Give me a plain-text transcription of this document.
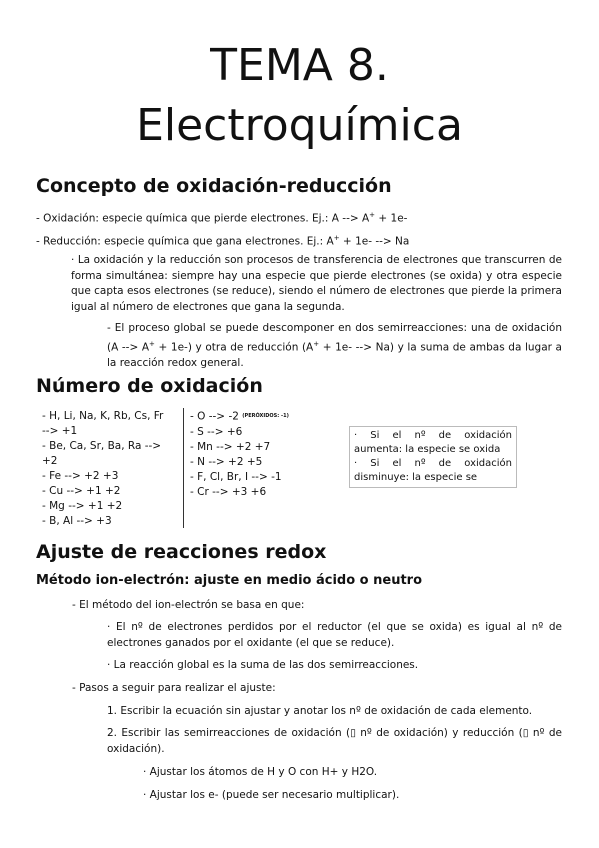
TEMA 8.
Electroquímica
Concepto de oxidación-reducción
- Oxidación: especie química que pierde electrones. Ej.: A --> A+ + 1e-
- Reducción: especie química que gana electrones. Ej.: A+ + 1e- --> Na
· La oxidación y la reducción son procesos de transferencia de electrones que transcurren de forma simultánea: siempre hay una especie que pierde electrones (se oxida) y otra especie que capta esos electrones (se reduce), siendo el número de electrones que pierde la primera igual al número de electrones que gana la segunda.
- El proceso global se puede descomponer en dos semirreacciones: una de oxidación (A --> A+ + 1e-) y otra de reducción (A+ + 1e- --> Na) y la suma de ambas da lugar a la reacción redox general.
Número de oxidación
- H, Li, Na, K, Rb, Cs, Fr
--> +1
- Be, Ca, Sr, Ba, Ra -->
+2
- Fe --> +2 +3
- Cu --> +1 +2
- Mg --> +1 +2
- B, Al --> +3
- O --> -2 (PERÓXIDOS: -1)
- S --> +6
- Mn --> +2 +7
- N --> +2 +5
- F, Cl, Br, I --> -1
- Cr --> +3 +6
· Si el nº de oxidación aumenta: la especie se oxida
· Si el nº de oxidación disminuye: la especie se
Ajuste de reacciones redox
Método ion-electrón: ajuste en medio ácido o neutro
- El método del ion-electrón se basa en que:
· El nº de electrones perdidos por el reductor (el que se oxida) es igual al nº de electrones ganados por el oxidante (el que se reduce).
· La reacción global es la suma de las dos semirreacciones.
- Pasos a seguir para realizar el ajuste:
1. Escribir la ecuación sin ajustar y anotar los nº de oxidación de cada elemento.
2. Escribir las semirreacciones de oxidación (▯ nº de oxidación) y reducción (▯ nº de oxidación).
· Ajustar los átomos de H y O con H+ y H2O.
· Ajustar los e- (puede ser necesario multiplicar).
